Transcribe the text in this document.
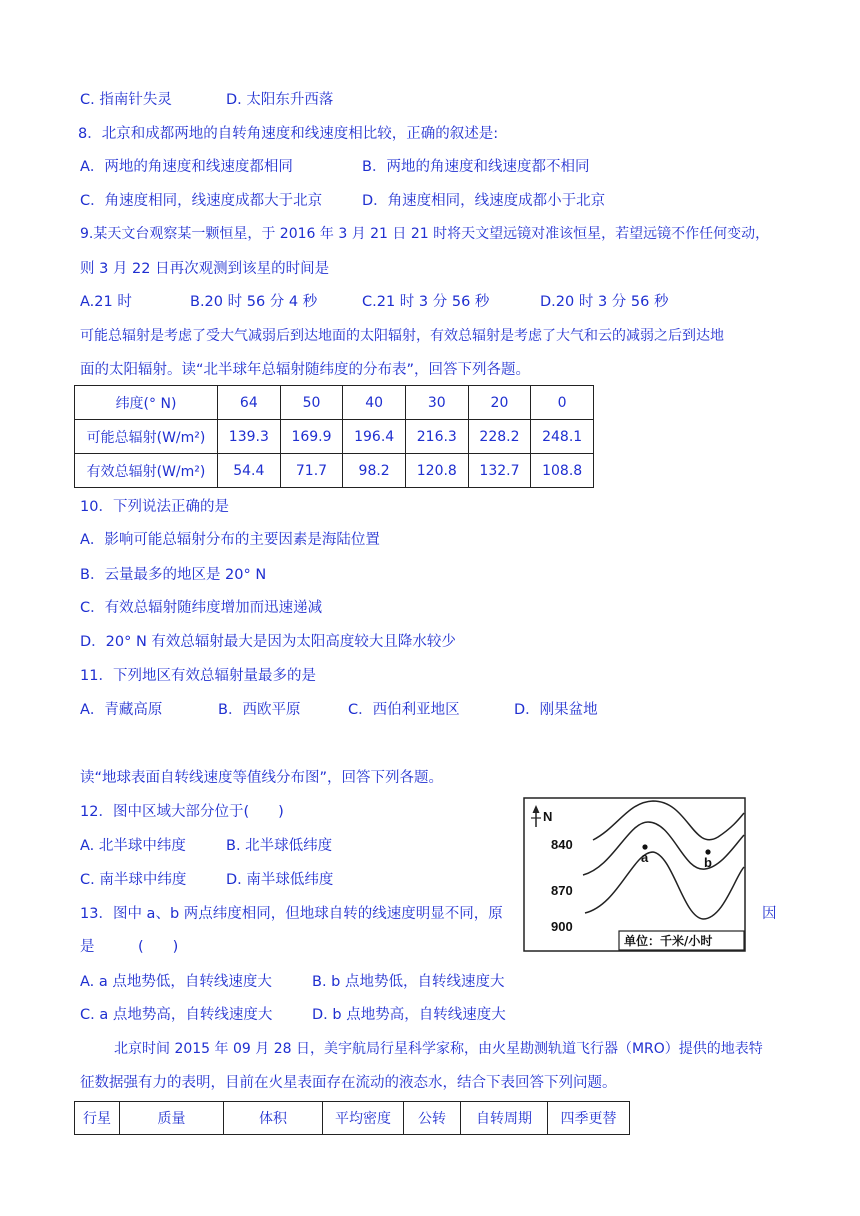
C. 指南针失灵	D. 太阳东升西落
8．北京和成都两地的自转角速度和线速度相比较，正确的叙述是:
A．两地的角速度和线速度都相同	B．两地的角速度和线速度都不相同
C．角速度相同，线速度成都大于北京	D．角速度相同，线速度成都小于北京
9.某天文台观察某一颗恒星，于 2016 年 3 月 21 日 21 时将天文望远镜对准该恒星，若望远镜不作任何变动，
则 3 月 22 日再次观测到该星的时间是
A.21 时	B.20 时 56 分 4 秒	C.21 时 3 分 56 秒	D.20 时 3 分 56 秒
可能总辐射是考虑了受大气减弱后到达地面的太阳辐射，有效总辐射是考虑了大气和云的减弱之后到达地
面的太阳辐射。读“北半球年总辐射随纬度的分布表”，回答下列各题。
纬度(° N)	64	50	40	30	20	0
可能总辐射(W/m²)	139.3	169.9	196.4	216.3	228.2	248.1
有效总辐射(W/m²)	54.4	71.7	98.2	120.8	132.7	108.8
10．下列说法正确的是
A．影响可能总辐射分布的主要因素是海陆位置
B．云量最多的地区是 20° N
C．有效总辐射随纬度增加而迅速递减
D．20° N 有效总辐射最大是因为太阳高度较大且降水较少
11．下列地区有效总辐射量最多的是
A．青藏高原	B．西欧平原	C．西伯利亚地区	D．刚果盆地
读“地球表面自转线速度等值线分布图”，回答下列各题。
12．图中区域大部分位于(　　)
A. 北半球中纬度	B. 北半球低纬度
C. 南半球中纬度	D. 南半球低纬度
13．图中 a、b 两点纬度相同，但地球自转的线速度明显不同，原	因
是　　　(　　)
A. a 点地势低，自转线速度大	B. b 点地势低，自转线速度大
C. a 点地势高，自转线速度大	D. b 点地势高，自转线速度大
N
840
870
900
a	b
单位：千米/小时
北京时间 2015 年 09 月 28 日，美宇航局行星科学家称，由火星勘测轨道飞行器（MRO）提供的地表特
征数据强有力的表明，目前在火星表面存在流动的液态水，结合下表回答下列问题。
行星	质量	体积	平均密度	公转	自转周期	四季更替
